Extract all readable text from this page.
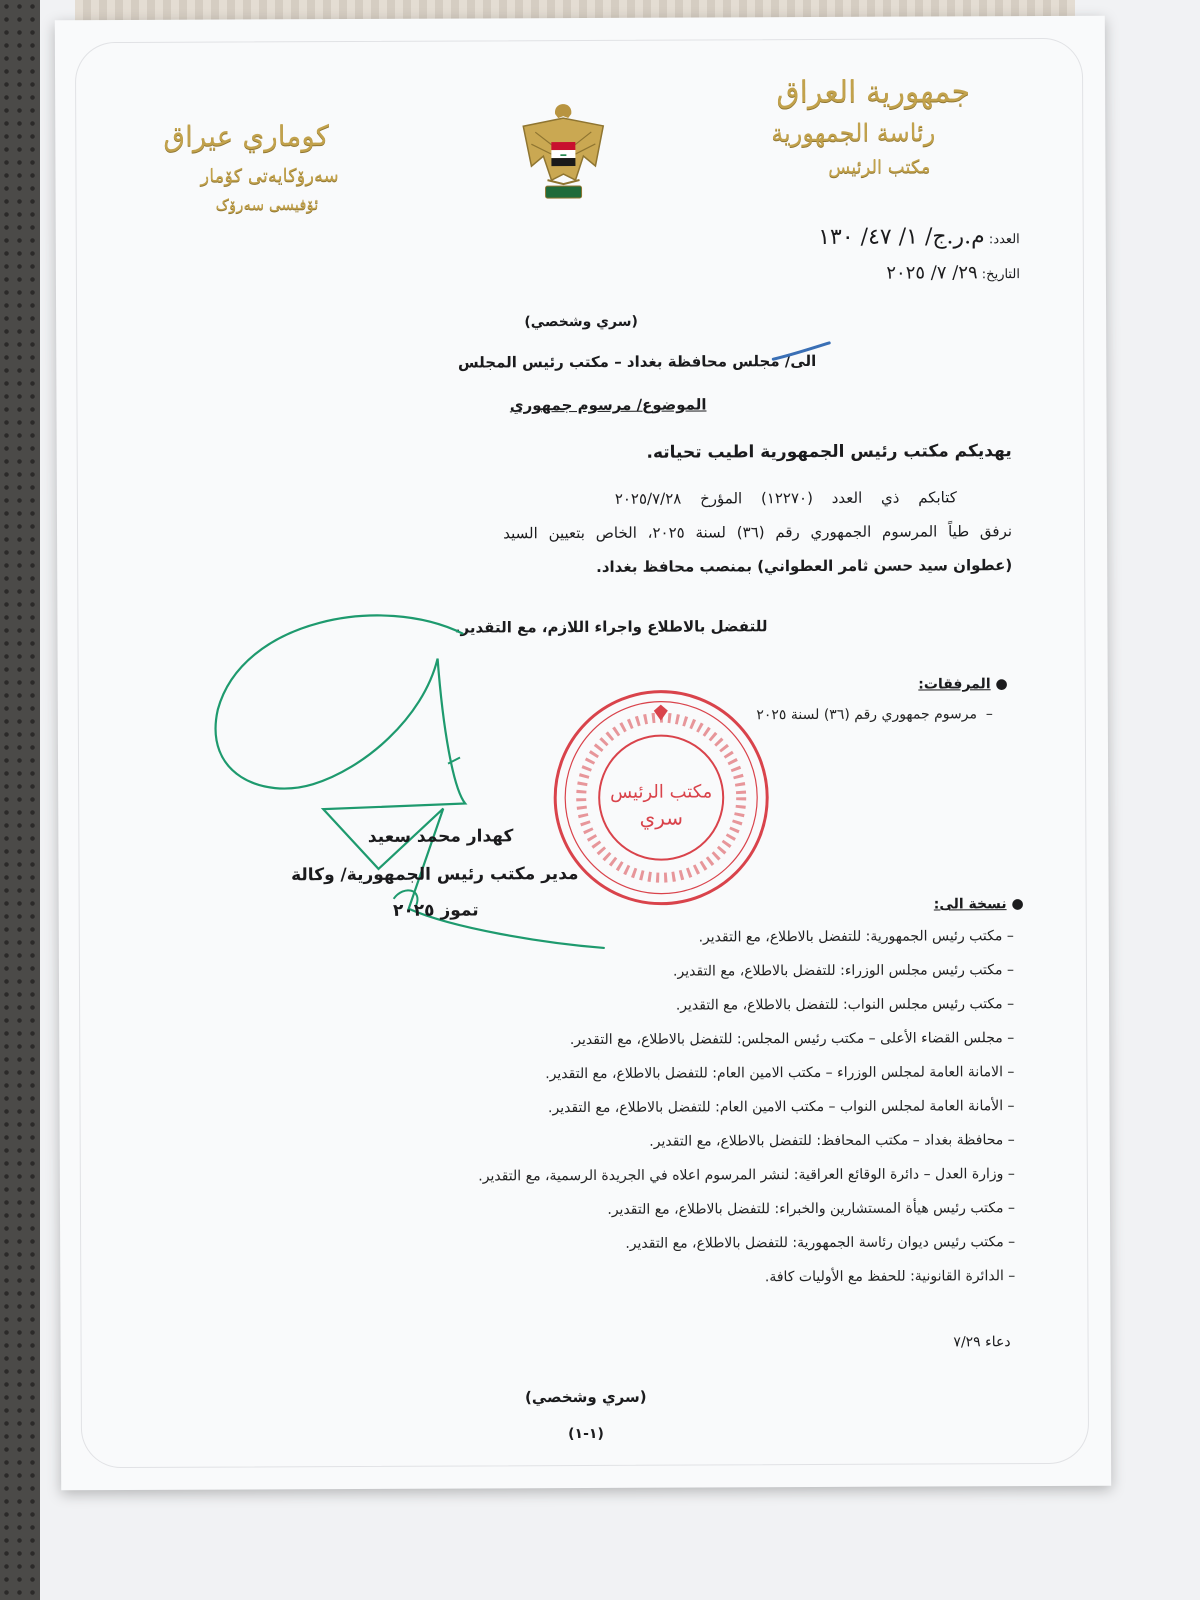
جمهورية العراق
رئاسة الجمهورية
مكتب الرئيس
كوماري عيراق
سەرۆکایەتی کۆمار
ئۆفیسی سەرۆک
العدد: م.ر.ج/ ١/ ٤٧/ ١٣٠
التاريخ: ٢٩/ ٧/ ٢٠٢٥
(سري وشخصي)
الى/ مجلس محافظة بغداد – مكتب رئيس المجلس
الموضوع/ مرسوم جمهوري
يهديكم مكتب رئيس الجمهورية اطيب تحياته.
كتابكم ذي العدد (١٢٢٧٠) المؤرخ ٢٠٢٥/٧/٢٨
نرفق طياً المرسوم الجمهوري رقم (٣٦) لسنة ٢٠٢٥، الخاص بتعيين السيد
(عطوان سيد حسن ثامر العطواني) بمنصب محافظ بغداد.
للتفضل بالاطلاع واجراء اللازم، مع التقدير.
● المرفقات:
–  مرسوم جمهوري رقم (٣٦) لسنة ٢٠٢٥
مكتب الرئيس
سري
كهدار محمد سعيد
مدير مكتب رئيس الجمهورية/ وكالة
تموز ٢٠٢٥	● نسخة الى:
– مكتب رئيس الجمهورية: للتفضل بالاطلاع، مع التقدير.
– مكتب رئيس مجلس الوزراء: للتفضل بالاطلاع، مع التقدير.
– مكتب رئيس مجلس النواب: للتفضل بالاطلاع، مع التقدير.
– مجلس القضاء الأعلى – مكتب رئيس المجلس: للتفضل بالاطلاع، مع التقدير.
– الامانة العامة لمجلس الوزراء – مكتب الامين العام: للتفضل بالاطلاع، مع التقدير.
– الأمانة العامة لمجلس النواب – مكتب الامين العام: للتفضل بالاطلاع، مع التقدير.
– محافظة بغداد – مكتب المحافظ: للتفضل بالاطلاع، مع التقدير.
– وزارة العدل – دائرة الوقائع العراقية: لنشر المرسوم اعلاه في الجريدة الرسمية، مع التقدير.
– مكتب رئيس هيأة المستشارين والخبراء: للتفضل بالاطلاع، مع التقدير.
– مكتب رئيس ديوان رئاسة الجمهورية: للتفضل بالاطلاع، مع التقدير.
– الدائرة القانونية: للحفظ مع الأوليات كافة.
دعاء ٧/٢٩
(سري وشخصي)
(١-١)
